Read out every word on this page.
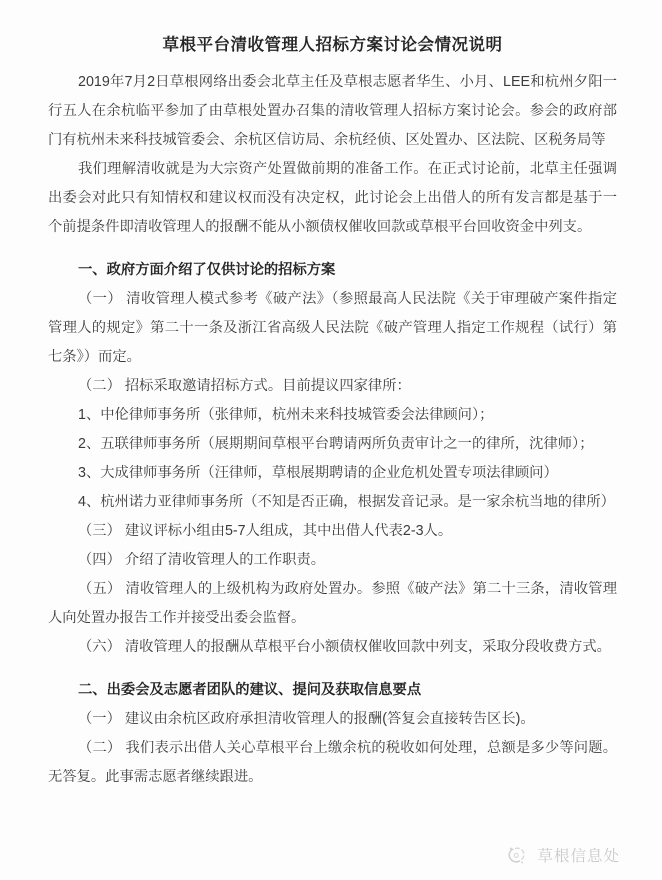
草根平台清收管理人招标方案讨论会情况说明

2019年7月2日草根网络出委会北草主任及草根志愿者华生、小月、LEE和杭州夕阳一行五人在余杭临平参加了由草根处置办召集的清收管理人招标方案讨论会。参会的政府部门有杭州未来科技城管委会、余杭区信访局、余杭经侦、区处置办、区法院、区税务局等

我们理解清收就是为大宗资产处置做前期的准备工作。在正式讨论前，北草主任强调出委会对此只有知情权和建议权而没有决定权，此讨论会上出借人的所有发言都是基于一个前提条件即清收管理人的报酬不能从小额债权催收回款或草根平台回收资金中列支。

一、政府方面介绍了仅供讨论的招标方案

（一） 清收管理人模式参考《破产法》（参照最高人民法院《关于审理破产案件指定管理人的规定》第二十一条及浙江省高级人民法院《破产管理人指定工作规程（试行）第七条》）而定。

（二） 招标采取邀请招标方式。目前提议四家律所：

1、中伦律师事务所（张律师，杭州未来科技城管委会法律顾问）；

2、五联律师事务所（展期期间草根平台聘请两所负责审计之一的律所，沈律师）；

3、大成律师事务所（汪律师，草根展期聘请的企业危机处置专项法律顾问）

4、杭州诺力亚律师事务所（不知是否正确，根据发音记录。是一家余杭当地的律所）

（三） 建议评标小组由5-7人组成，其中出借人代表2-3人。

（四） 介绍了清收管理人的工作职责。

（五） 清收管理人的上级机构为政府处置办。参照《破产法》第二十三条，清收管理人向处置办报告工作并接受出委会监督。

（六） 清收管理人的报酬从草根平台小额债权催收回款中列支，采取分段收费方式。

二、出委会及志愿者团队的建议、提问及获取信息要点

（一） 建议由余杭区政府承担清收管理人的报酬(答复会直接转告区长)。

（二） 我们表示出借人关心草根平台上缴余杭的税收如何处理，总额是多少等问题。无答复。此事需志愿者继续跟进。

草根信息处
